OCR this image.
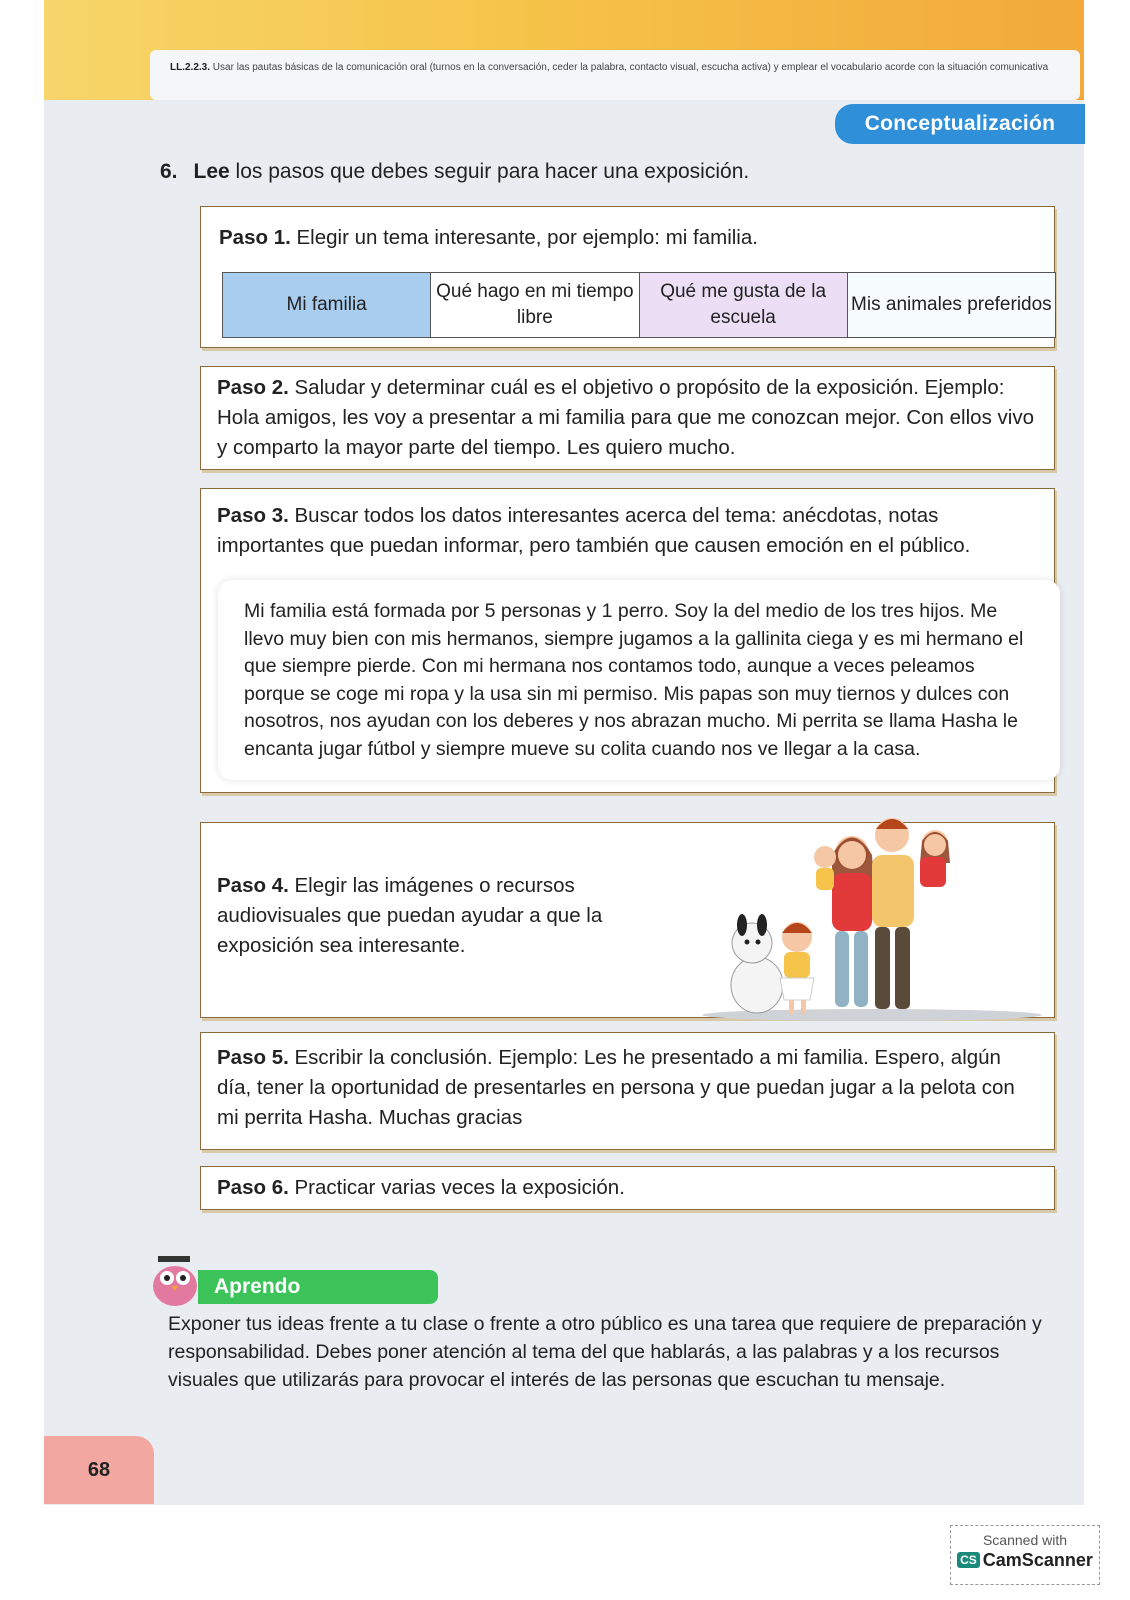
LL.2.2.3. Usar las pautas básicas de la comunicación oral (turnos en la conversación, ceder la palabra, contacto visual, escucha activa) y emplear el vocabulario acorde con la situación comunicativa
Conceptualización
6. Lee los pasos que debes seguir para hacer una exposición.
Paso 1. Elegir un tema interesante, por ejemplo: mi familia.
Mi familia
Qué hago en mi tiempo libre
Qué me gusta de la escuela
Mis animales preferidos
Paso 2. Saludar y determinar cuál es el objetivo o propósito de la exposición. Ejemplo: Hola amigos, les voy a presentar a mi familia para que me conozcan mejor. Con ellos vivo y comparto la mayor parte del tiempo. Les quiero mucho.
Paso 3. Buscar todos los datos interesantes acerca del tema: anécdotas, notas importantes que puedan informar, pero también que causen emoción en el público.
Mi familia está formada por 5 personas y 1 perro. Soy la del medio de los tres hijos. Me llevo muy bien con mis hermanos, siempre jugamos a la gallinita ciega y es mi hermano el que siempre pierde. Con mi hermana nos contamos todo, aunque a veces peleamos porque se coge mi ropa y la usa sin mi permiso. Mis papas son muy tiernos y dulces con nosotros, nos ayudan con los deberes y nos abrazan mucho. Mi perrita se llama Hasha le encanta jugar fútbol y siempre mueve su colita cuando nos ve llegar a la casa.
Paso 4. Elegir las imágenes o recursos audiovisuales que puedan ayudar a que la exposición sea interesante.
Paso 5. Escribir la conclusión. Ejemplo: Les he presentado a mi familia. Espero, algún día, tener la oportunidad de presentarles en persona y que puedan jugar a la pelota con mi perrita Hasha. Muchas gracias
Paso 6. Practicar varias veces la exposición.
Aprendo
Exponer tus ideas frente a tu clase o frente a otro público es una tarea que requiere de preparación y responsabilidad. Debes poner atención al tema del que hablarás, a las palabras y a los recursos visuales que utilizarás para provocar el interés de las personas que escuchan tu mensaje.
68
Scanned with
CS CamScanner
